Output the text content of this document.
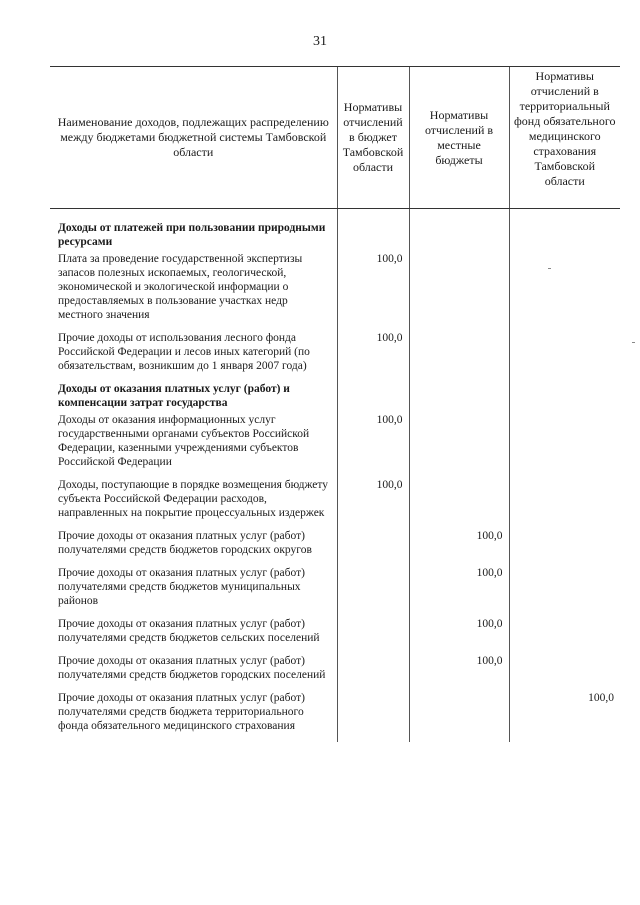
31
Наименование доходов, подлежащих распределению между бюджетами бюджетной системы Тамбовской области	Нормативы отчислений в бюджет Тамбовской области	Нормативы отчислений в местные бюджеты	Нормативы отчислений в территориальный фонд обязательного медицинского страхования Тамбовской области

Доходы от платежей при пользовании природными ресурсами			
Плата за проведение государственной экспертизы запасов полезных ископаемых, геологической, экономической и экологической информации о предоставляемых в пользование участках недр местного значения	100,0		
Прочие доходы от использования лесного фонда Российской Федерации и лесов иных категорий (по обязательствам, возникшим до 1 января 2007 года)	100,0		
Доходы от оказания платных услуг (работ) и компенсации затрат государства			
Доходы от оказания информационных услуг государственными органами субъектов Российской Федерации, казенными учреждениями субъектов Российской Федерации	100,0		
Доходы, поступающие в порядке возмещения бюджету субъекта Российской Федерации расходов, направленных на покрытие процессуальных издержек	100,0		
Прочие доходы от оказания платных услуг (работ) получателями средств бюджетов городских округов		100,0	
Прочие доходы от оказания платных услуг (работ) получателями средств бюджетов муниципальных районов		100,0	
Прочие доходы от оказания платных услуг (работ) получателями средств бюджетов сельских поселений		100,0	
Прочие доходы от оказания платных услуг (работ) получателями средств бюджетов городских поселений		100,0	
Прочие доходы от оказания платных услуг (работ) получателями средств бюджета территориального фонда обязательного медицинского страхования			100,0
